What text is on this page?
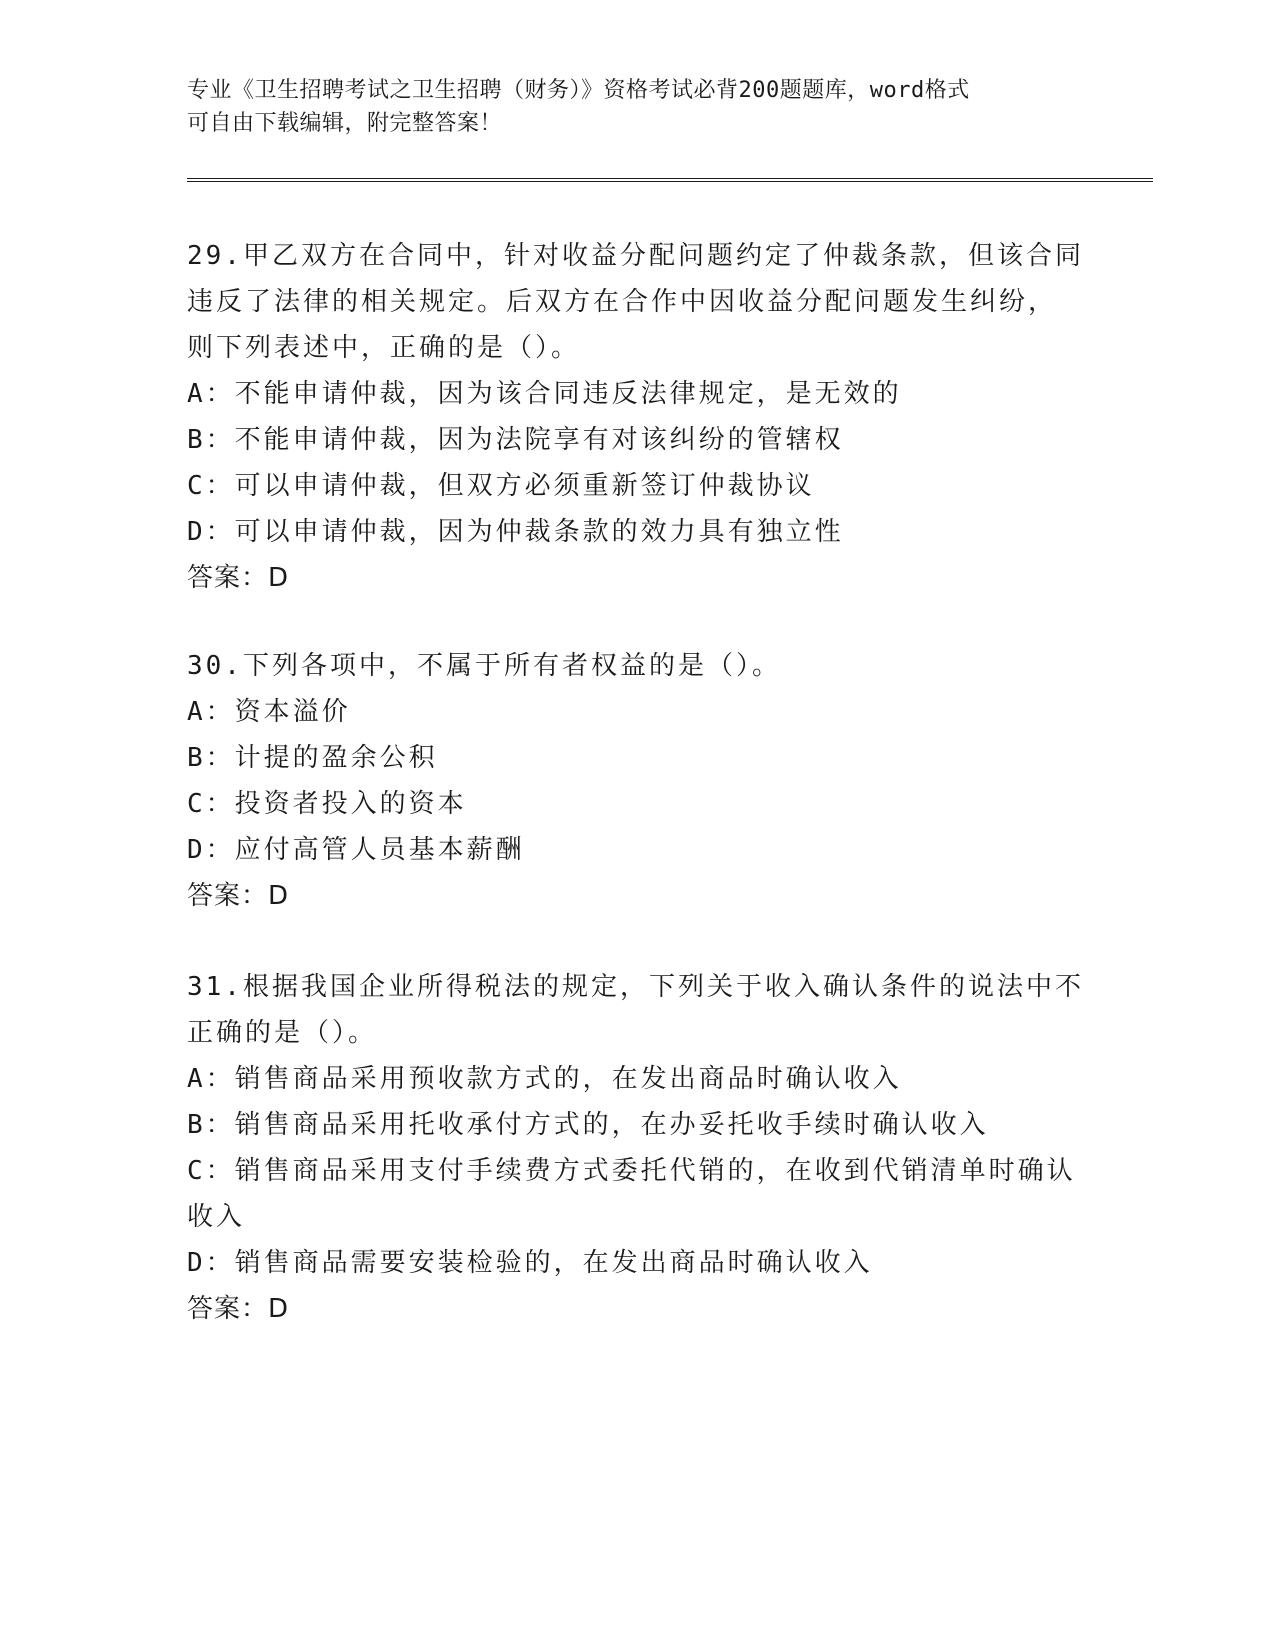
专业《卫生招聘考试之卫生招聘（财务）》资格考试必背200题题库，word格式
可自由下载编辑，附完整答案！

29.甲乙双方在合同中，针对收益分配问题约定了仲裁条款，但该合同

违反了法律的相关规定。后双方在合作中因收益分配问题发生纠纷，

则下列表述中，正确的是（）。

A：不能申请仲裁，因为该合同违反法律规定，是无效的

B：不能申请仲裁，因为法院享有对该纠纷的管辖权

C：可以申请仲裁，但双方必须重新签订仲裁协议

D：可以申请仲裁，因为仲裁条款的效力具有独立性

答案：D

30.下列各项中，不属于所有者权益的是（）。

A：资本溢价

B：计提的盈余公积

C：投资者投入的资本

D：应付高管人员基本薪酬

答案：D

31.根据我国企业所得税法的规定，下列关于收入确认条件的说法中不

正确的是（）。

A：销售商品采用预收款方式的，在发出商品时确认收入

B：销售商品采用托收承付方式的，在办妥托收手续时确认收入

C：销售商品采用支付手续费方式委托代销的，在收到代销清单时确认

收入

D：销售商品需要安装检验的，在发出商品时确认收入

答案：D
